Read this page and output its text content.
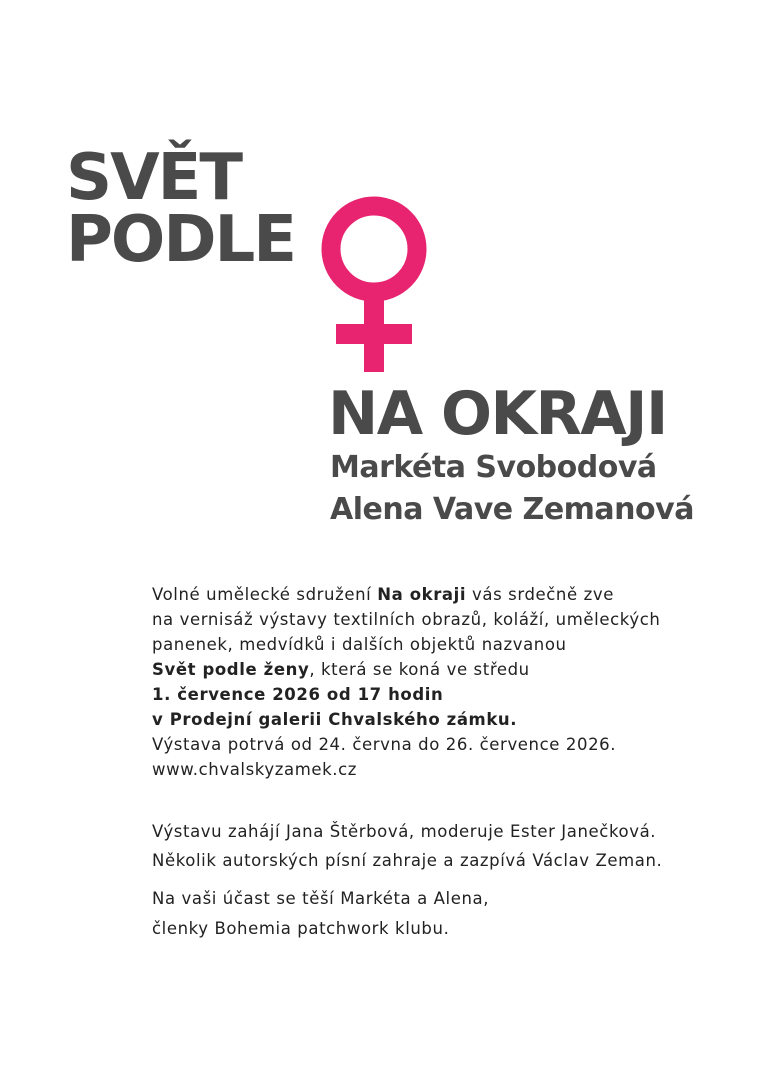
SVĚT
PODLE
NA OKRAJI
Markéta Svobodová
Alena Vave Zemanová
Volné umělecké sdružení Na okraji vás srdečně zve
na vernisáž výstavy textilních obrazů, koláží, uměleckých
panenek, medvídků i dalších objektů nazvanou
Svět podle ženy, která se koná ve středu
1. července 2026 od 17 hodin
v Prodejní galerii Chvalského zámku.
Výstava potrvá od 24. června do 26. července 2026.
www.chvalskyzamek.cz
Výstavu zahájí Jana Štěrbová, moderuje Ester Janečková.
Několik autorských písní zahraje a zazpívá Václav Zeman.
Na vaši účast se těší Markéta a Alena,
členky Bohemia patchwork klubu.
